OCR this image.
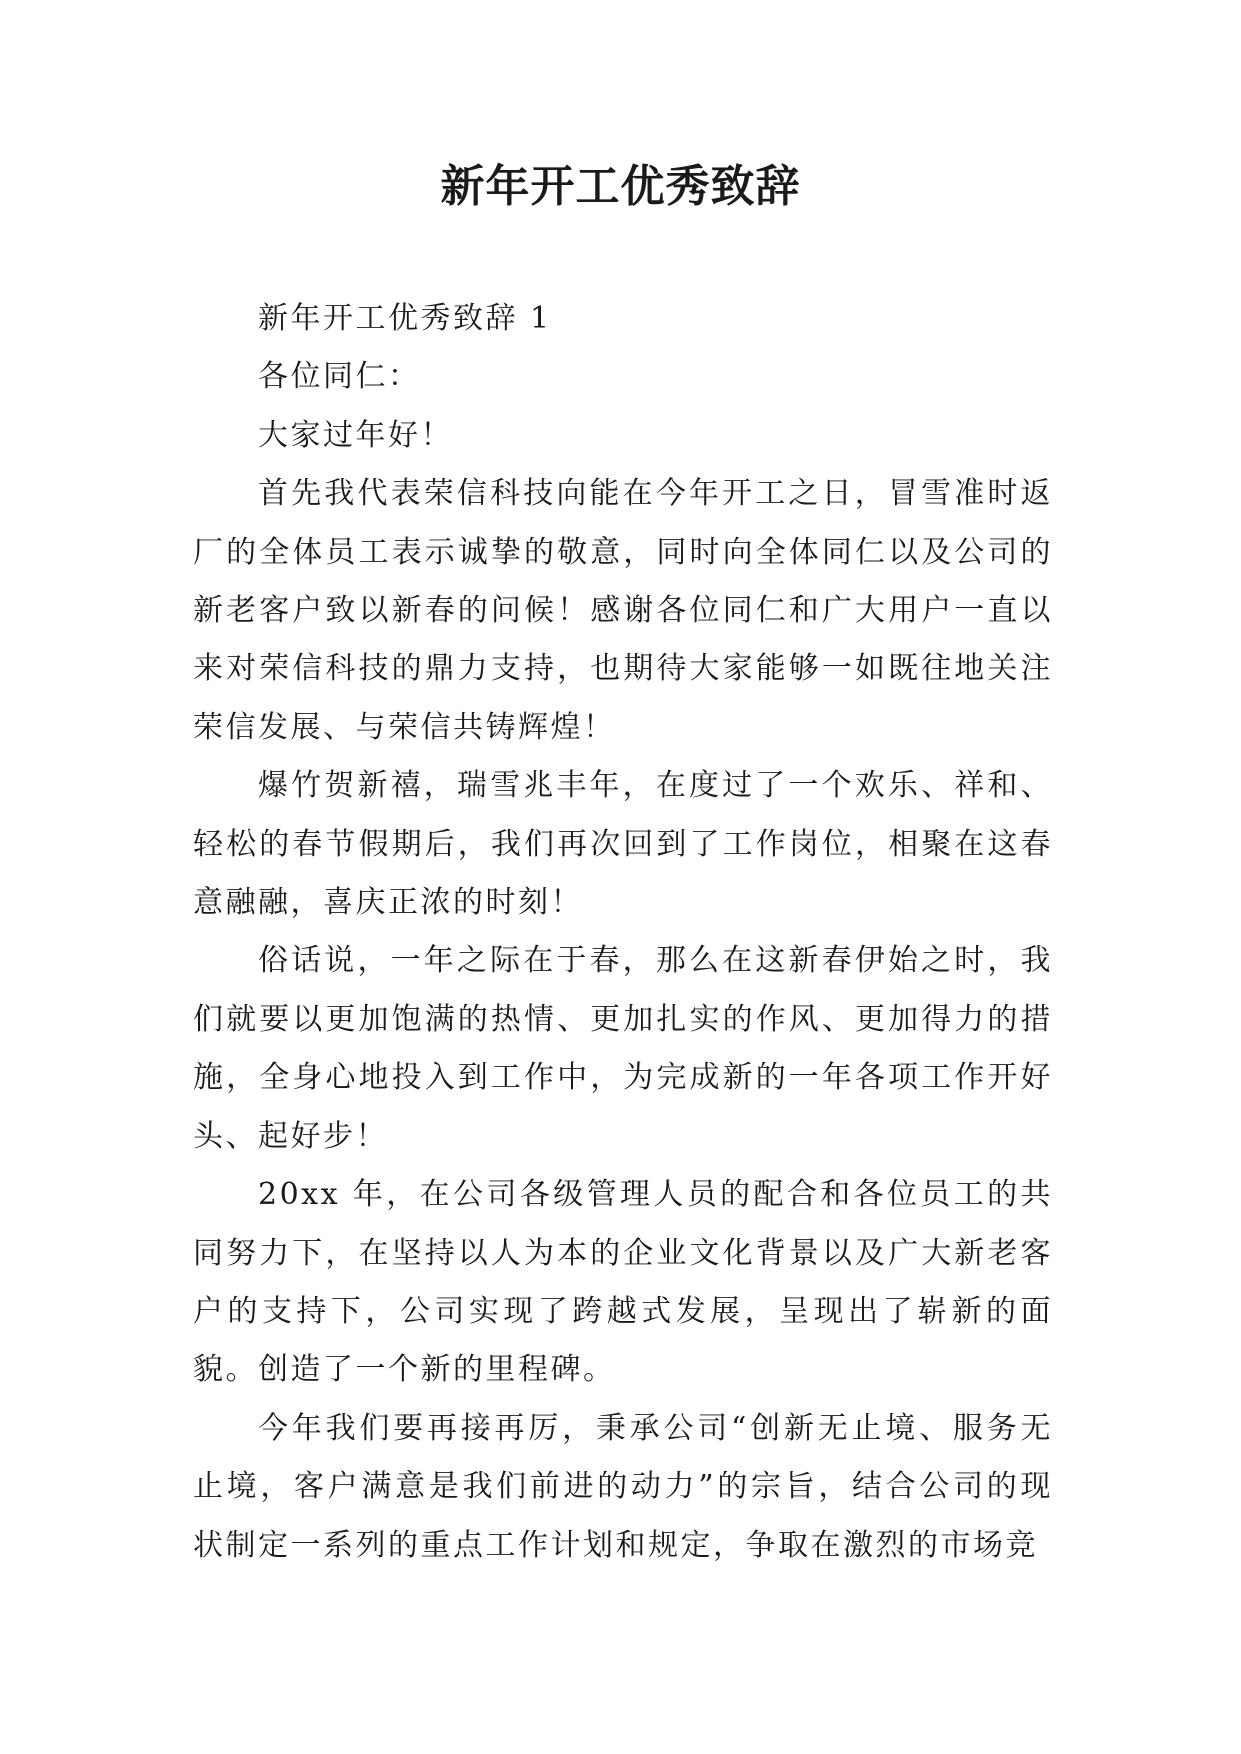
新年开工优秀致辞

新年开工优秀致辞 1

各位同仁：

大家过年好！

首先我代表荣信科技向能在今年开工之日，冒雪准时返厂的全体员工表示诚挚的敬意，同时向全体同仁以及公司的新老客户致以新春的问候！感谢各位同仁和广大用户一直以来对荣信科技的鼎力支持，也期待大家能够一如既往地关注荣信发展、与荣信共铸辉煌！

爆竹贺新禧，瑞雪兆丰年，在度过了一个欢乐、祥和、轻松的春节假期后，我们再次回到了工作岗位，相聚在这春意融融，喜庆正浓的时刻！

俗话说，一年之际在于春，那么在这新春伊始之时，我们就要以更加饱满的热情、更加扎实的作风、更加得力的措施，全身心地投入到工作中，为完成新的一年各项工作开好头、起好步！

20xx 年，在公司各级管理人员的配合和各位员工的共同努力下，在坚持以人为本的企业文化背景以及广大新老客户的支持下，公司实现了跨越式发展，呈现出了崭新的面貌。创造了一个新的里程碑。

今年我们要再接再厉，秉承公司“创新无止境、服务无止境，客户满意是我们前进的动力”的宗旨，结合公司的现状制定一系列的重点工作计划和规定，争取在激烈的市场竞
